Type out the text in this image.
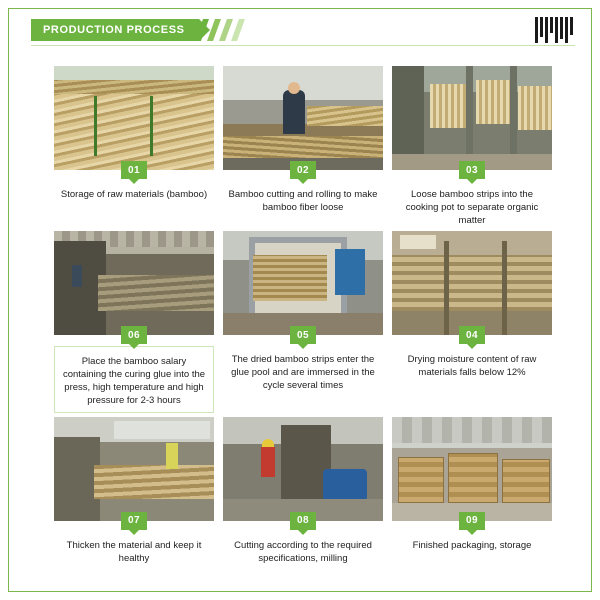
PRODUCTION PROCESS
01
Storage of raw materials (bamboo)
02
Bamboo cutting and rolling to make bamboo fiber loose
03
Loose bamboo strips into the cooking pot to separate organic matter
06
Place the bamboo salary containing the curing glue into the press, high temperature and high pressure for 2-3 hours
05
The dried bamboo strips enter the glue pool and are immersed in the cycle several times
04
Drying moisture content of raw materials falls below 12%
07
Thicken the material and keep it healthy
08
Cutting according to the required specifications, milling
09
Finished packaging, storage
